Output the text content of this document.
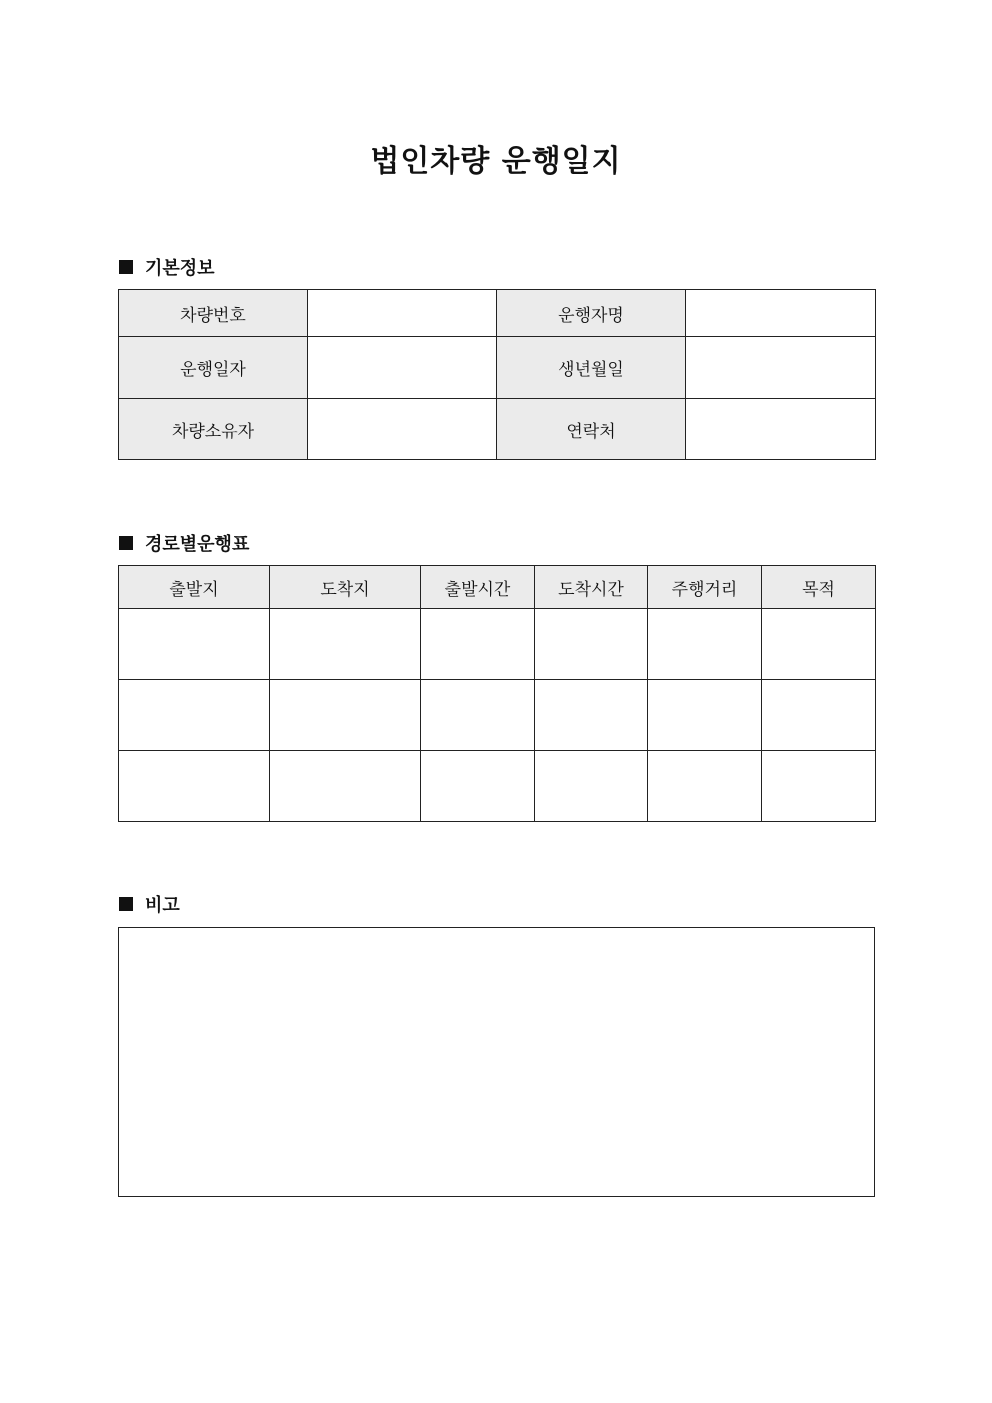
법인차량 운행일지
기본정보
차량번호		운행자명	
운행일자		생년월일	
차량소유자		연락처	
경로별운행표
출발지	도착지	출발시간	도착시간	주행거리	목적

비고
